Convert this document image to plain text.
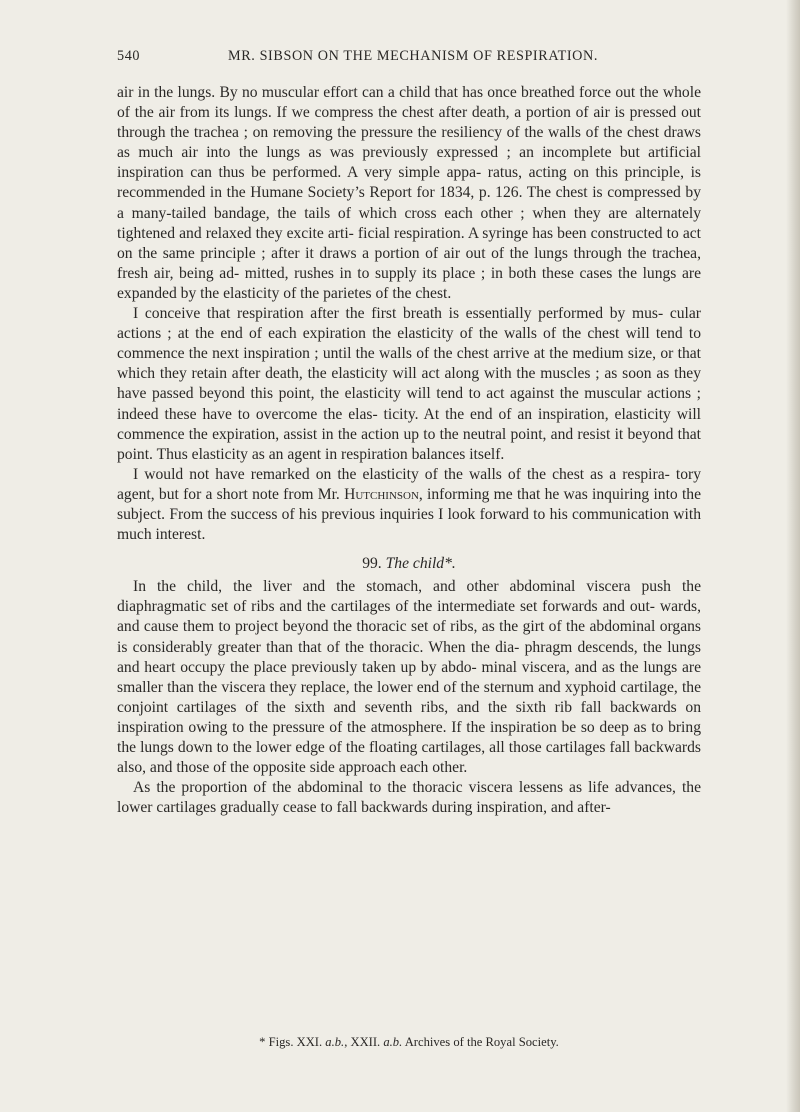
540	MR. SIBSON ON THE MECHANISM OF RESPIRATION.

air in the lungs. By no muscular effort can a child that has once breathed force out the whole of the air from its lungs. If we compress the chest after death, a portion of air is pressed out through the trachea ; on removing the pressure the resiliency of the walls of the chest draws as much air into the lungs as was previously expressed ; an incomplete but artificial inspiration can thus be performed. A very simple appa- ratus, acting on this principle, is recommended in the Humane Society’s Report for 1834, p. 126. The chest is compressed by a many-tailed bandage, the tails of which cross each other ; when they are alternately tightened and relaxed they excite arti- ficial respiration. A syringe has been constructed to act on the same principle ; after it draws a portion of air out of the lungs through the trachea, fresh air, being ad- mitted, rushes in to supply its place ; in both these cases the lungs are expanded by the elasticity of the parietes of the chest.

I conceive that respiration after the first breath is essentially performed by mus- cular actions ; at the end of each expiration the elasticity of the walls of the chest will tend to commence the next inspiration ; until the walls of the chest arrive at the medium size, or that which they retain after death, the elasticity will act along with the muscles ; as soon as they have passed beyond this point, the elasticity will tend to act against the muscular actions ; indeed these have to overcome the elas- ticity. At the end of an inspiration, elasticity will commence the expiration, assist in the action up to the neutral point, and resist it beyond that point. Thus elasticity as an agent in respiration balances itself.

I would not have remarked on the elasticity of the walls of the chest as a respira- tory agent, but for a short note from Mr. Hutchinson, informing me that he was inquiring into the subject. From the success of his previous inquiries I look forward to his communication with much interest.

99. The child*.

In the child, the liver and the stomach, and other abdominal viscera push the diaphragmatic set of ribs and the cartilages of the intermediate set forwards and out- wards, and cause them to project beyond the thoracic set of ribs, as the girt of the abdominal organs is considerably greater than that of the thoracic. When the dia- phragm descends, the lungs and heart occupy the place previously taken up by abdo- minal viscera, and as the lungs are smaller than the viscera they replace, the lower end of the sternum and xyphoid cartilage, the conjoint cartilages of the sixth and seventh ribs, and the sixth rib fall backwards on inspiration owing to the pressure of the atmosphere. If the inspiration be so deep as to bring the lungs down to the lower edge of the floating cartilages, all those cartilages fall backwards also, and those of the opposite side approach each other.

As the proportion of the abdominal to the thoracic viscera lessens as life advances, the lower cartilages gradually cease to fall backwards during inspiration, and after-

* Figs. XXI. a.b., XXII. a.b. Archives of the Royal Society.
